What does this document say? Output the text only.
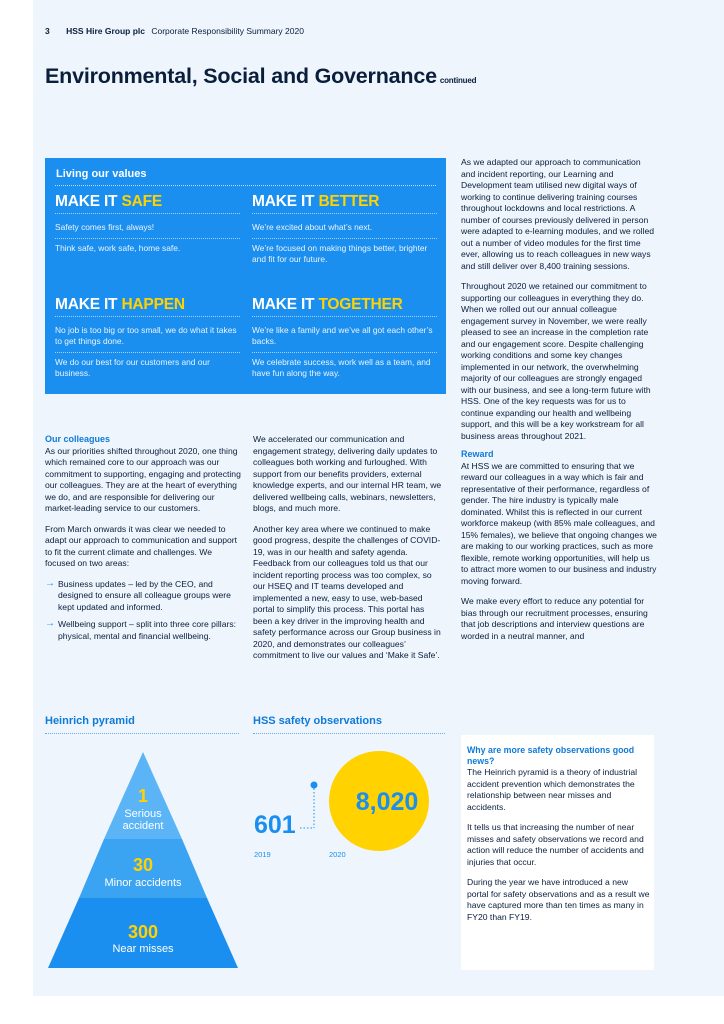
3 HSS Hire Group plc Corporate Responsibility Summary 2020
Environmental, Social and Governance continued
Living our values
MAKE IT SAFE
Safety comes first, always!
Think safe, work safe, home safe.
MAKE IT BETTER
We’re excited about what’s next.
We’re focused on making things better, brighter and fit for our future.
MAKE IT HAPPEN
No job is too big or too small, we do what it takes to get things done.
We do our best for our customers and our business.
MAKE IT TOGETHER
We’re like a family and we’ve all got each other’s backs.
We celebrate success, work well as a team, and have fun along the way.
Our colleagues

As our priorities shifted throughout 2020, one thing which remained core to our approach was our commitment to supporting, engaging and protecting our colleagues. They are at the heart of everything we do, and are responsible for delivering our market-leading service to our customers.

From March onwards it was clear we needed to adapt our approach to communication and support to fit the current climate and challenges. We focused on two areas:

→ Business updates – led by the CEO, and designed to ensure all colleague groups were kept updated and informed.
→ Wellbeing support – split into three core pillars: physical, mental and financial wellbeing.

We accelerated our communication and engagement strategy, delivering daily updates to colleagues both working and furloughed. With support from our benefits providers, external knowledge experts, and our internal HR team, we delivered wellbeing calls, webinars, newsletters, blogs, and much more.

Another key area where we continued to make good progress, despite the challenges of COVID-19, was in our health and safety agenda. Feedback from our colleagues told us that our incident reporting process was too complex, so our HSEQ and IT teams developed and implemented a new, easy to use, web-based portal to simplify this process. This portal has been a key driver in the improving health and safety performance across our Group business in 2020, and demonstrates our colleagues’ commitment to live our values and ‘Make it Safe’.

As we adapted our approach to communication and incident reporting, our Learning and Development team utilised new digital ways of working to continue delivering training courses throughout lockdowns and local restrictions. A number of courses previously delivered in person were adapted to e-learning modules, and we rolled out a number of video modules for the first time ever, allowing us to reach colleagues in new ways and still deliver over 8,400 training sessions.

Throughout 2020 we retained our commitment to supporting our colleagues in everything they do. When we rolled out our annual colleague engagement survey in November, we were really pleased to see an increase in the completion rate and our engagement score. Despite challenging working conditions and some key changes implemented in our network, the overwhelming majority of our colleagues are strongly engaged with our business, and see a long-term future with HSS. One of the key requests was for us to continue expanding our health and wellbeing support, and this will be a key workstream for all business areas throughout 2021.

Reward

At HSS we are committed to ensuring that we reward our colleagues in a way which is fair and representative of their performance, regardless of gender. The hire industry is typically male dominated. Whilst this is reflected in our current workforce makeup (with 85% male colleagues, and 15% females), we believe that ongoing changes we are making to our working practices, such as more flexible, remote working opportunities, will help us to attract more women to our business and industry moving forward.

We make every effort to reduce any potential for bias through our recruitment processes, ensuring that job descriptions and interview questions are worded in a neutral manner, and

Heinrich pyramid
1
Serious
accident
30
Minor accidents
300
Near misses
HSS safety observations
601
8,020
2019	2020
Why are more safety observations good news?

The Heinrich pyramid is a theory of industrial accident prevention which demonstrates the relationship between near misses and accidents.

It tells us that increasing the number of near misses and safety observations we record and action will reduce the number of accidents and injuries that occur.

During the year we have introduced a new portal for safety observations and as a result we have captured more than ten times as many in FY20 than FY19.
